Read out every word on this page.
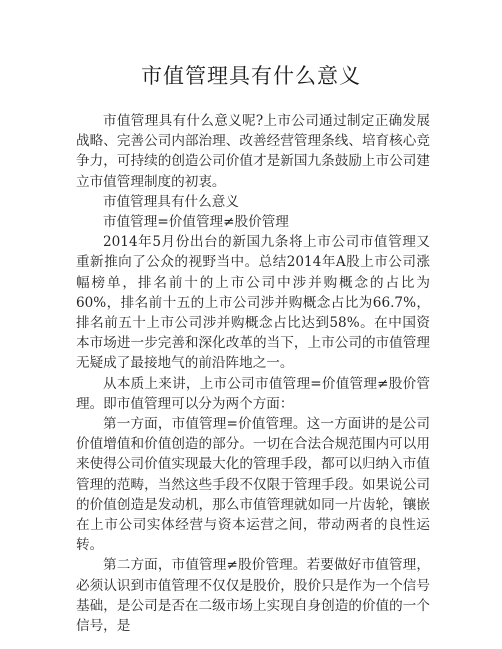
市值管理具有什么意义

市值管理具有什么意义呢?上市公司通过制定正确发展战略、完善公司内部治理、改善经营管理条线、培育核心竞争力，可持续的创造公司价值才是新国九条鼓励上市公司建立市值管理制度的初衷。

市值管理具有什么意义

市值管理=价值管理≠股价管理

2014年5月份出台的新国九条将上市公司市值管理又重新推向了公众的视野当中。总结2014年A股上市公司涨幅榜单，排名前十的上市公司中涉并购概念的占比为60%，排名前十五的上市公司涉并购概念占比为66.7%，排名前五十上市公司涉并购概念占比达到58%。在中国资本市场进一步完善和深化改革的当下，上市公司的市值管理无疑成了最接地气的前沿阵地之一。

从本质上来讲，上市公司市值管理=价值管理≠股价管理。即市值管理可以分为两个方面：

第一方面，市值管理=价值管理。这一方面讲的是公司价值增值和价值创造的部分。一切在合法合规范围内可以用来使得公司价值实现最大化的管理手段，都可以归纳入市值管理的范畴，当然这些手段不仅限于管理手段。如果说公司的价值创造是发动机，那么市值管理就如同一片齿轮，镶嵌在上市公司实体经营与资本运营之间，带动两者的良性运转。

第二方面，市值管理≠股价管理。若要做好市值管理，必须认识到市值管理不仅仅是股价，股价只是作为一个信号基础，是公司是否在二级市场上实现自身创造的价值的一个信号，是
